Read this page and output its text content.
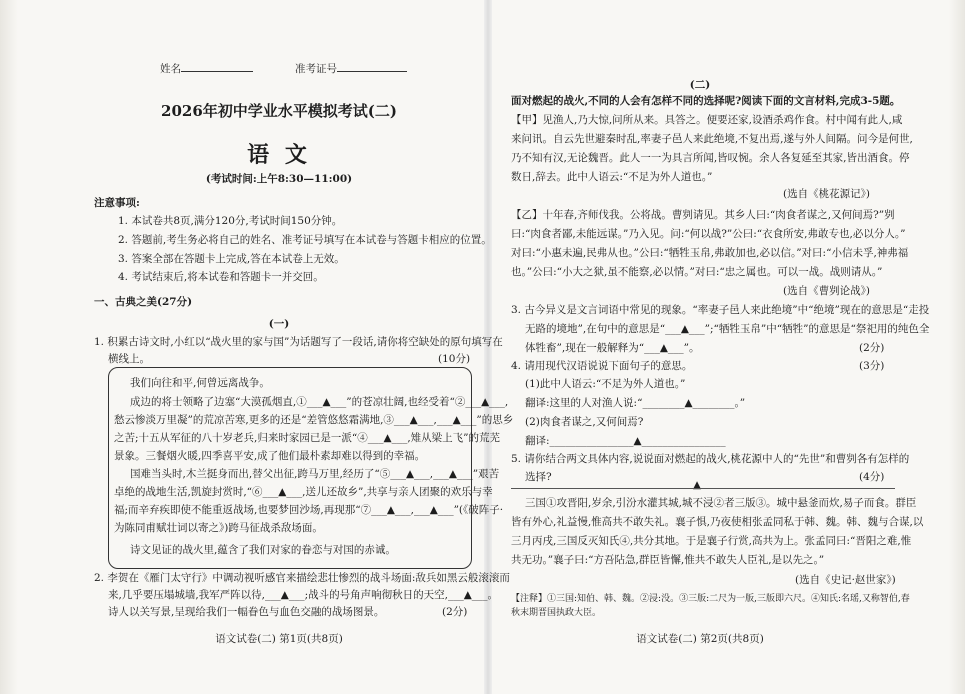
姓名	准考证号
2026年初中学业水平模拟考试(二)
语 文
(考试时间:上午8:30—11:00)
注意事项:
1. 本试卷共8页,满分120分,考试时间150分钟。
2. 答题前,考生务必将自己的姓名、准考证号填写在本试卷与答题卡相应的位置。
3. 答案全部在答题卡上完成,答在本试卷上无效。
4. 考试结束后,将本试卷和答题卡一并交回。
一、古典之美(27分)
(一)
1. 积累古诗文时,小红以“战火里的家与国”为话题写了一段话,请你将空缺处的原句填写在
横线上。	(10分)
我们向往和平,何曾远离战争。
成边的将士领略了边塞“大漠孤烟直,①___▲___”的苍凉壮阔,也经受着“②___▲___,
愁云惨淡万里凝”的荒凉苦寒,更多的还是“差管悠悠霜满地,③___▲___,___▲___”的思乡
之苦;十五从军征的八十岁老兵,归来时家园已是一派“④___▲___,雉从梁上飞”的荒芜
景象。三餐烟火暖,四季喜平安,成了他们最朴素却难以得到的幸福。
国难当头时,木兰挺身而出,替父出征,跨马万里,经历了“⑤___▲___,___▲___”艰苦
卓绝的战地生活,凯旋封赏时,“⑥___▲___,送儿还故乡”,共享与亲人团聚的欢乐与幸
福;而辛弃疾即使不能重返战场,也要梦回沙场,再现那“⑦___▲___,___▲___”(《破阵子·
为陈同甫赋壮词以寄之》)跨马征战杀敌场面。
诗文见证的战火里,蕴含了我们对家的眷恋与对国的赤诚。
2. 李贺在《雁门太守行》中调动视听感官来描绘悲壮惨烈的战斗场面:敌兵如黑云般滚滚而
来,几乎要压塌城墙,我军严阵以待,___▲___;战斗的号角声响彻秋日的天空,___▲___。
诗人以关写景,呈现给我们一幅眷色与血色交融的战场图景。	(2分)
语文试卷(二) 第1页(共8页)
(二)
面对燃起的战火,不同的人会有怎样不同的选择呢?阅读下面的文言材料,完成3-5题。
【甲】见渔人,乃大惊,问所从来。具答之。便要还家,设酒杀鸡作食。村中闻有此人,咸
来问讯。自云先世避秦时乱,率妻子邑人来此绝境,不复出焉,遂与外人间隔。问今是何世,
乃不知有汉,无论魏晋。此人一一为具言所闻,皆叹惋。余人各复延至其家,皆出酒食。停
数日,辞去。此中人语云:“不足为外人道也。”
(选自《桃花源记》)
【乙】十年春,齐师伐我。公将战。曹刿请见。其乡人曰:“肉食者谋之,又何间焉?”刿
曰:“肉食者鄙,未能远谋。”乃入见。问:“何以战?”公曰:“衣食所安,弗敢专也,必以分人。”
对曰:“小惠未遍,民弗从也。”公曰:“牺牲玉帛,弗敢加也,必以信。”对曰:“小信未孚,神弗福
也。”公曰:“小大之狱,虽不能察,必以情。”对曰:“忠之属也。可以一战。战则请从。”
(选自《曹刿论战》)
3. 古今异义是文言词语中常见的现象。“率妻子邑人来此绝境”中“绝境”现在的意思是“走投
无路的境地”,在句中的意思是“___▲___”;“牺牲玉帛”中“牺牲”的意思是“祭祀用的纯色全
体牲畜”,现在一般解释为“___▲___”。	(2分)
4. 请用现代汉语说说下面句子的意思。	(3分)
(1)此中人语云:“不足为外人道也。”
翻译:这里的人对渔人说:“________▲________。”
(2)肉食者谋之,又何间焉?
翻译:________________▲________________
5. 请你结合两文具体内容,说说面对燃起的战火,桃花源中人的“先世”和曹刿各有怎样的
选择?	(4分)
▲
三国①攻晋阳,岁余,引汾水灌其城,城不浸②者三版③。城中悬釜而炊,易子而食。群臣
皆有外心,礼益慢,惟高共不敢失礼。襄子惧,乃夜使相张孟同私于韩、魏。韩、魏与合谋,以
三月丙戌,三国反灭知氏④,共分其地。于是襄子行赏,高共为上。张孟同曰:“晋阳之难,惟
共无功。”襄子曰:“方吾阽急,群臣皆懈,惟共不敢失人臣礼,是以先之。”
(选自《史记·赵世家》)
【注释】①三国:知伯、韩、魏。②浸:没。③三版:二尺为一版,三版即六尺。④知氏:名瑶,又称智伯,春
秋末期晋国执政大臣。
语文试卷(二) 第2页(共8页)
